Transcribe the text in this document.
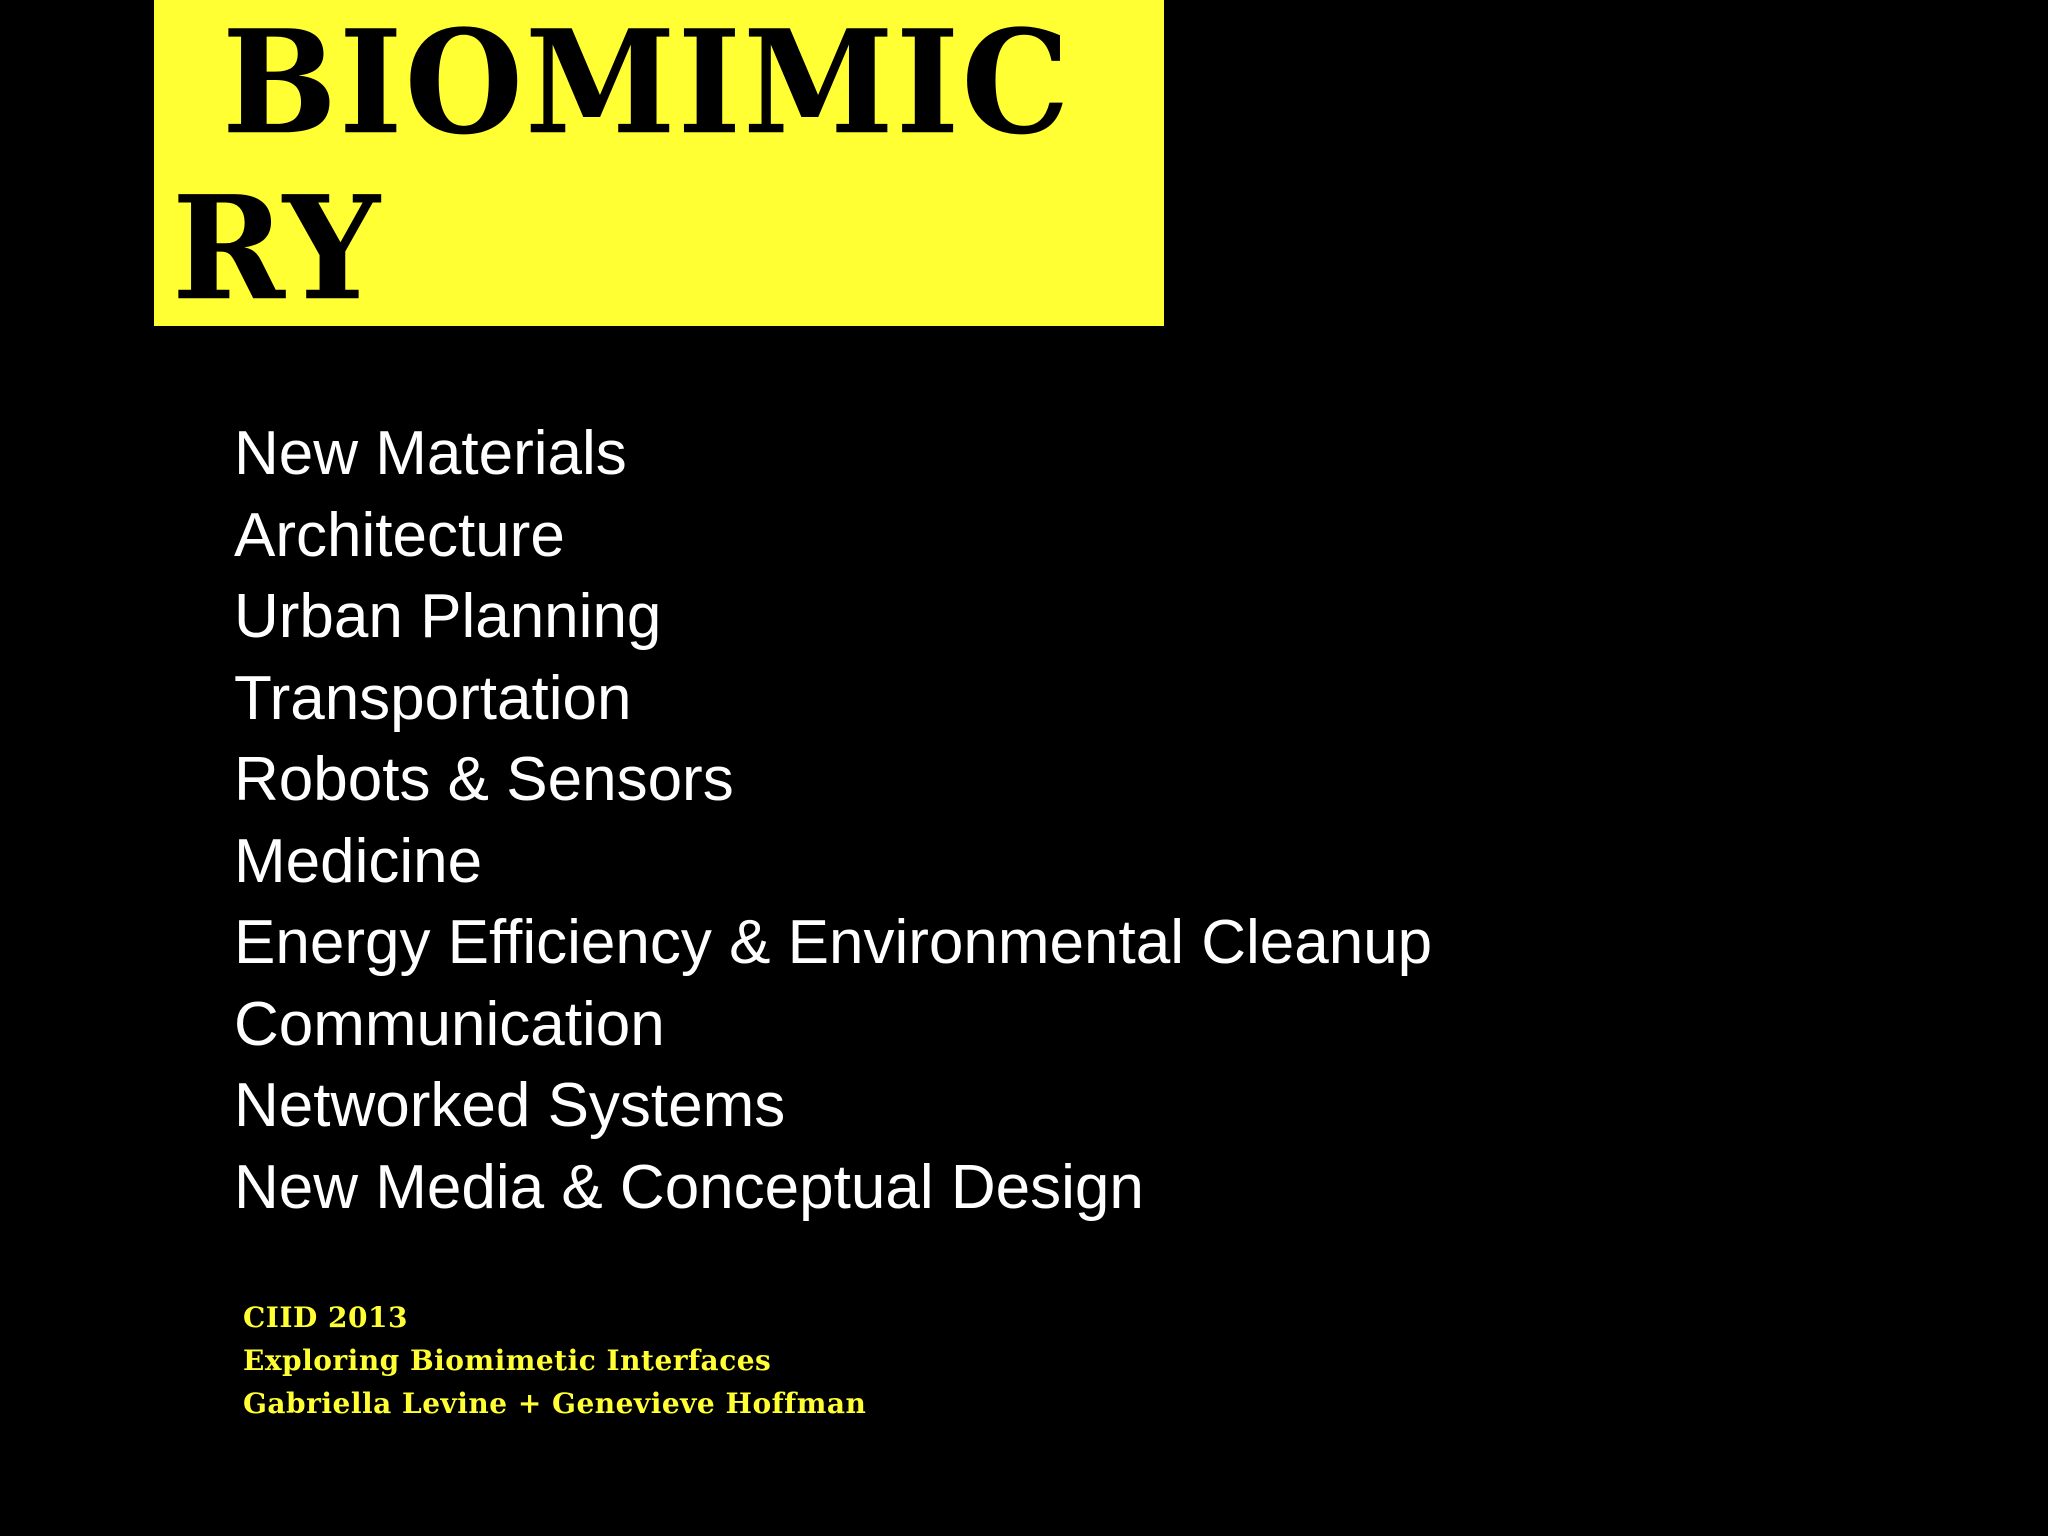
BIOMIMICRY
New Materials
Architecture
Urban Planning
Transportation
Robots & Sensors
Medicine
Energy Efficiency & Environmental Cleanup
Communication
Networked Systems
New Media & Conceptual Design
CIID 2013
Exploring Biomimetic Interfaces
Gabriella Levine + Genevieve Hoffman
